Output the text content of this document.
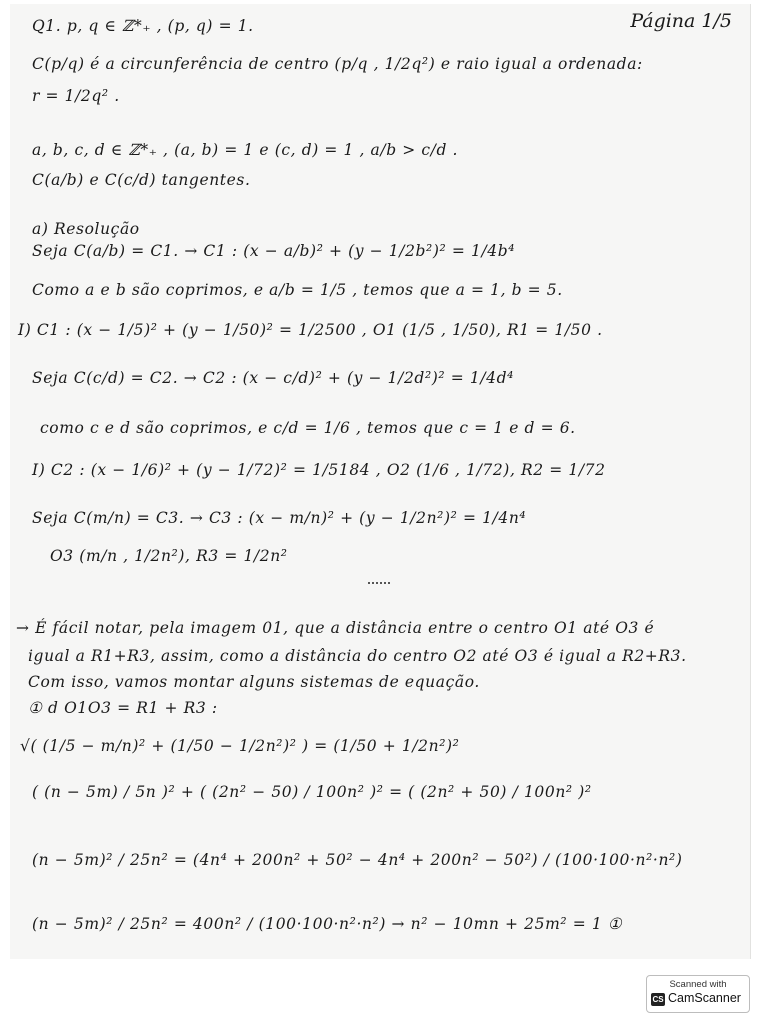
Página 1/5
Q1. p, q ∈ ℤ*₊ , (p, q) = 1.
C(p/q) é a circunferência de centro (p/q , 1/2q²) e raio igual a ordenada:
r = 1/2q² .
a, b, c, d ∈ ℤ*₊ , (a, b) = 1 e (c, d) = 1 , a/b > c/d .
C(a/b) e C(c/d) tangentes.
a) Resolução
Seja C(a/b) = C1. → C1 : (x − a/b)² + (y − 1/2b²)² = 1/4b⁴
Como a e b são coprimos, e a/b = 1/5 , temos que a = 1, b = 5.
I) C1 : (x − 1/5)² + (y − 1/50)² = 1/2500 , O1 (1/5 , 1/50), R1 = 1/50 .
Seja C(c/d) = C2. → C2 : (x − c/d)² + (y − 1/2d²)² = 1/4d⁴
como c e d são coprimos, e c/d = 1/6 , temos que c = 1 e d = 6.
I) C2 : (x − 1/6)² + (y − 1/72)² = 1/5184 , O2 (1/6 , 1/72), R2 = 1/72
Seja C(m/n) = C3. → C3 : (x − m/n)² + (y − 1/2n²)² = 1/4n⁴
O3 (m/n , 1/2n²), R3 = 1/2n²
→ É fácil notar, pela imagem 01, que a distância entre o centro O1 até O3 é
igual a R1+R3, assim, como a distância do centro O2 até O3 é igual a R2+R3.
Com isso, vamos montar alguns sistemas de equação.
① d O1O3 = R1 + R3 :
√( (1/5 − m/n)² + (1/50 − 1/2n²)² ) = (1/50 + 1/2n²)²
( (n − 5m) / 5n )² + ( (2n² − 50) / 100n² )² = ( (2n² + 50) / 100n² )²
(n − 5m)² / 25n² = (4n⁴ + 200n² + 50² − 4n⁴ + 200n² − 50²) / (100·100·n²·n²)
(n − 5m)² / 25n² = 400n² / (100·100·n²·n²) → n² − 10mn + 25m² = 1 ①
Scanned with
CS CamScanner
